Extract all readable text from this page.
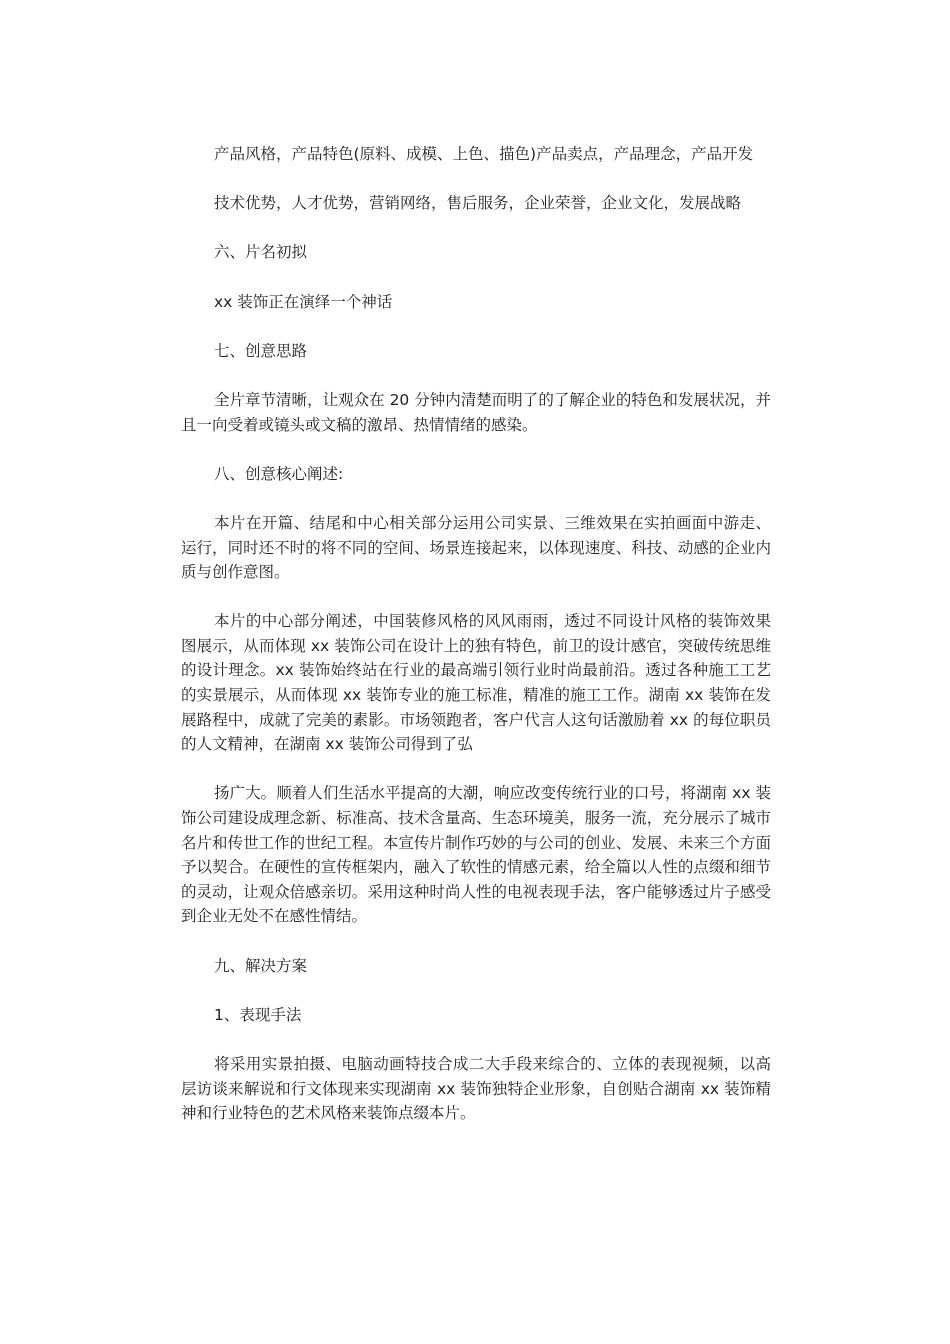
产品风格，产品特色(原料、成模、上色、描色)产品卖点，产品理念，产品开发

技术优势，人才优势，营销网络，售后服务，企业荣誉，企业文化，发展战略

六、片名初拟

xx 装饰正在演绎一个神话

七、创意思路

全片章节清晰，让观众在 20 分钟内清楚而明了的了解企业的特色和发展状况，并且一向受着或镜头或文稿的激昂、热情情绪的感染。

八、创意核心阐述:

本片在开篇、结尾和中心相关部分运用公司实景、三维效果在实拍画面中游走、运行，同时还不时的将不同的空间、场景连接起来，以体现速度、科技、动感的企业内质与创作意图。

本片的中心部分阐述，中国装修风格的风风雨雨，透过不同设计风格的装饰效果图展示，从而体现 xx 装饰公司在设计上的独有特色，前卫的设计感官，突破传统思维的设计理念。xx 装饰始终站在行业的最高端引领行业时尚最前沿。透过各种施工工艺的实景展示，从而体现 xx 装饰专业的施工标准，精准的施工工作。湖南 xx 装饰在发展路程中，成就了完美的素影。市场领跑者，客户代言人这句话激励着 xx 的每位职员的人文精神，在湖南 xx 装饰公司得到了弘

扬广大。顺着人们生活水平提高的大潮，响应改变传统行业的口号，将湖南 xx 装饰公司建设成理念新、标准高、技术含量高、生态环境美，服务一流，充分展示了城市名片和传世工作的世纪工程。本宣传片制作巧妙的与公司的创业、发展、未来三个方面予以契合。在硬性的宣传框架内，融入了软性的情感元素，给全篇以人性的点缀和细节的灵动，让观众倍感亲切。采用这种时尚人性的电视表现手法，客户能够透过片子感受到企业无处不在感性情结。

九、解决方案

1、表现手法

将采用实景拍摄、电脑动画特技合成二大手段来综合的、立体的表现视频，以高层访谈来解说和行文体现来实现湖南 xx 装饰独特企业形象，自创贴合湖南 xx 装饰精神和行业特色的艺术风格来装饰点缀本片。
